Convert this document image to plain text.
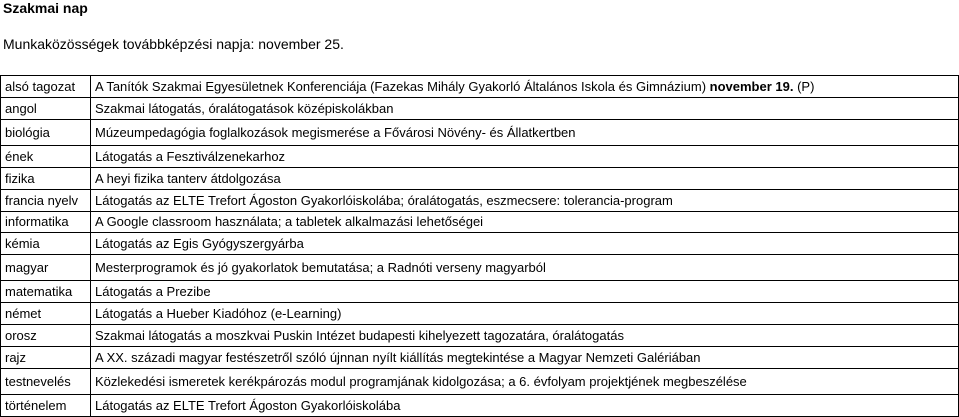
Szakmai nap
Munkaközösségek továbbképzési napja: november 25.
alsó tagozat	A Tanítók Szakmai Egyesületnek Konferenciája (Fazekas Mihály Gyakorló Általános Iskola és Gimnázium) november 19. (P)
angol	Szakmai látogatás, óralátogatások középiskolákban
biológia	Múzeumpedagógia foglalkozások megismerése a Fővárosi Növény- és Állatkertben
ének	Látogatás a Fesztiválzenekarhoz
fizika	A heyi fizika tanterv átdolgozása
francia nyelv	Látogatás az ELTE Trefort Ágoston Gyakorlóiskolába; óralátogatás, eszmecsere: tolerancia-program
informatika	A Google classroom használata; a tabletek alkalmazási lehetőségei
kémia	Látogatás az Egis Gyógyszergyárba
magyar	Mesterprogramok és jó gyakorlatok bemutatása; a Radnóti verseny magyarból
matematika	Látogatás a Prezibe
német	Látogatás a Hueber Kiadóhoz (e-Learning)
orosz	Szakmai látogatás a moszkvai Puskin Intézet budapesti kihelyezett tagozatára, óralátogatás
rajz	A XX. századi magyar festészetről szóló újnnan nyílt kiállítás megtekintése a Magyar Nemzeti Galériában
testnevelés	Közlekedési ismeretek kerékpározás modul programjának kidolgozása; a 6. évfolyam projektjének megbeszélése
történelem	Látogatás az ELTE Trefort Ágoston Gyakorlóiskolába
